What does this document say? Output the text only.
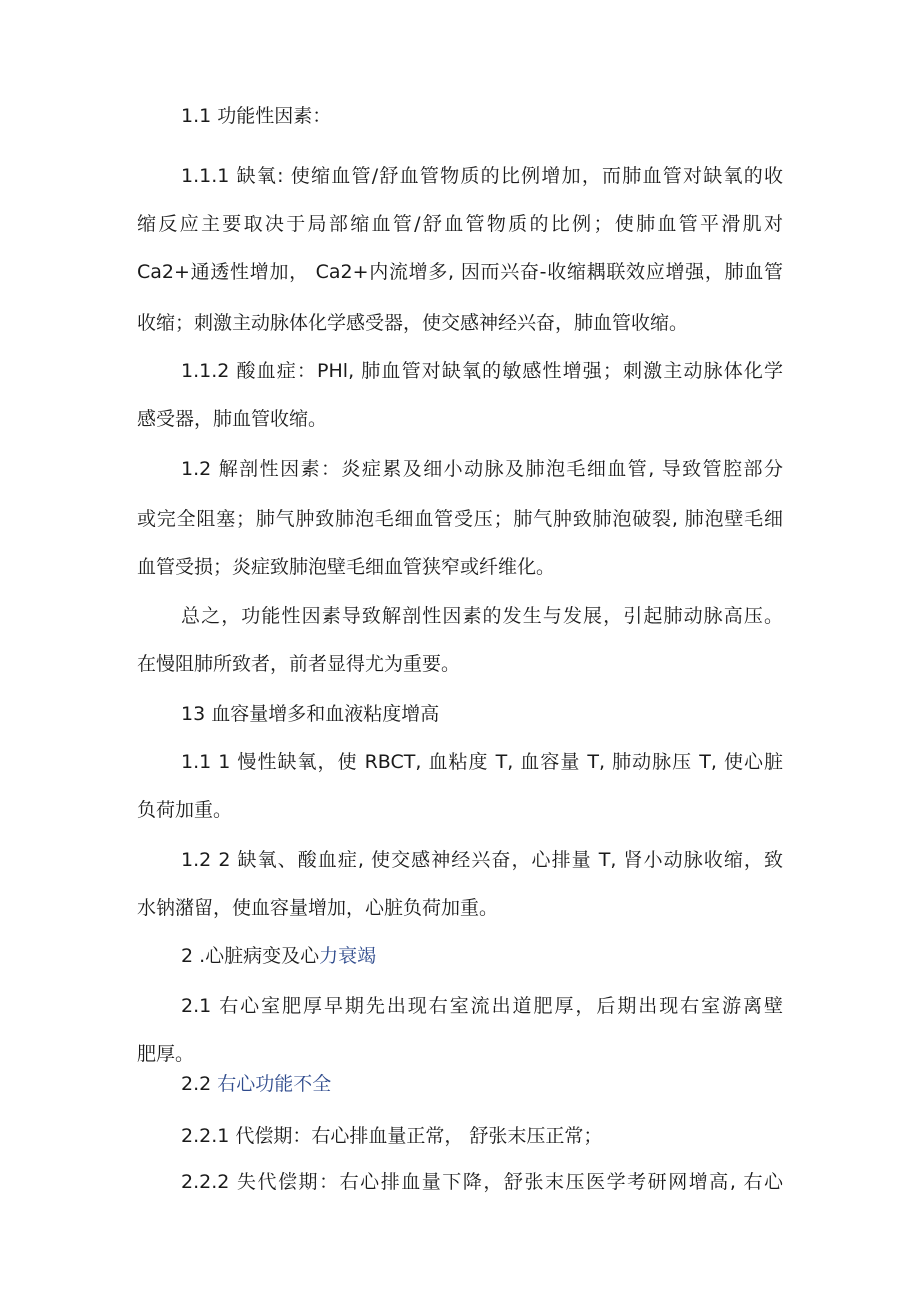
1.1 功能性因素：
1.1.1 缺氧: 使缩血管/舒血管物质的比例增加，而肺血管对缺氧的收
缩反应主要取决于局部缩血管/舒血管物质的比例；使肺血管平滑肌对
Ca2+通透性增加， Ca2+内流增多, 因而兴奋-收缩耦联效应增强，肺血管
收缩；刺激主动脉体化学感受器，使交感神经兴奋，肺血管收缩。
1.1.2 酸血症：PHl, 肺血管对缺氧的敏感性增强；刺激主动脉体化学
感受器，肺血管收缩。
1.2 解剖性因素：炎症累及细小动脉及肺泡毛细血管, 导致管腔部分
或完全阻塞；肺气肿致肺泡毛细血管受压；肺气肿致肺泡破裂, 肺泡壁毛细
血管受损；炎症致肺泡壁毛细血管狭窄或纤维化。
总之，功能性因素导致解剖性因素的发生与发展，引起肺动脉高压。
在慢阻肺所致者，前者显得尤为重要。
13 血容量增多和血液粘度增高
1.1 1 慢性缺氧，使 RBCT, 血粘度 T, 血容量 T, 肺动脉压 T, 使心脏
负荷加重。
1.2 2 缺氧、酸血症, 使交感神经兴奋，心排量 T, 肾小动脉收缩，致
水钠潴留，使血容量增加，心脏负荷加重。
2 .心脏病变及心力衰竭
2.1 右心室肥厚早期先出现右室流出道肥厚，后期出现右室游离壁
肥厚。
2.2 右心功能不全
2.2.1 代偿期：右心排血量正常， 舒张末压正常；
2.2.2 失代偿期：右心排血量下降，舒张末压医学考研网增高, 右心
